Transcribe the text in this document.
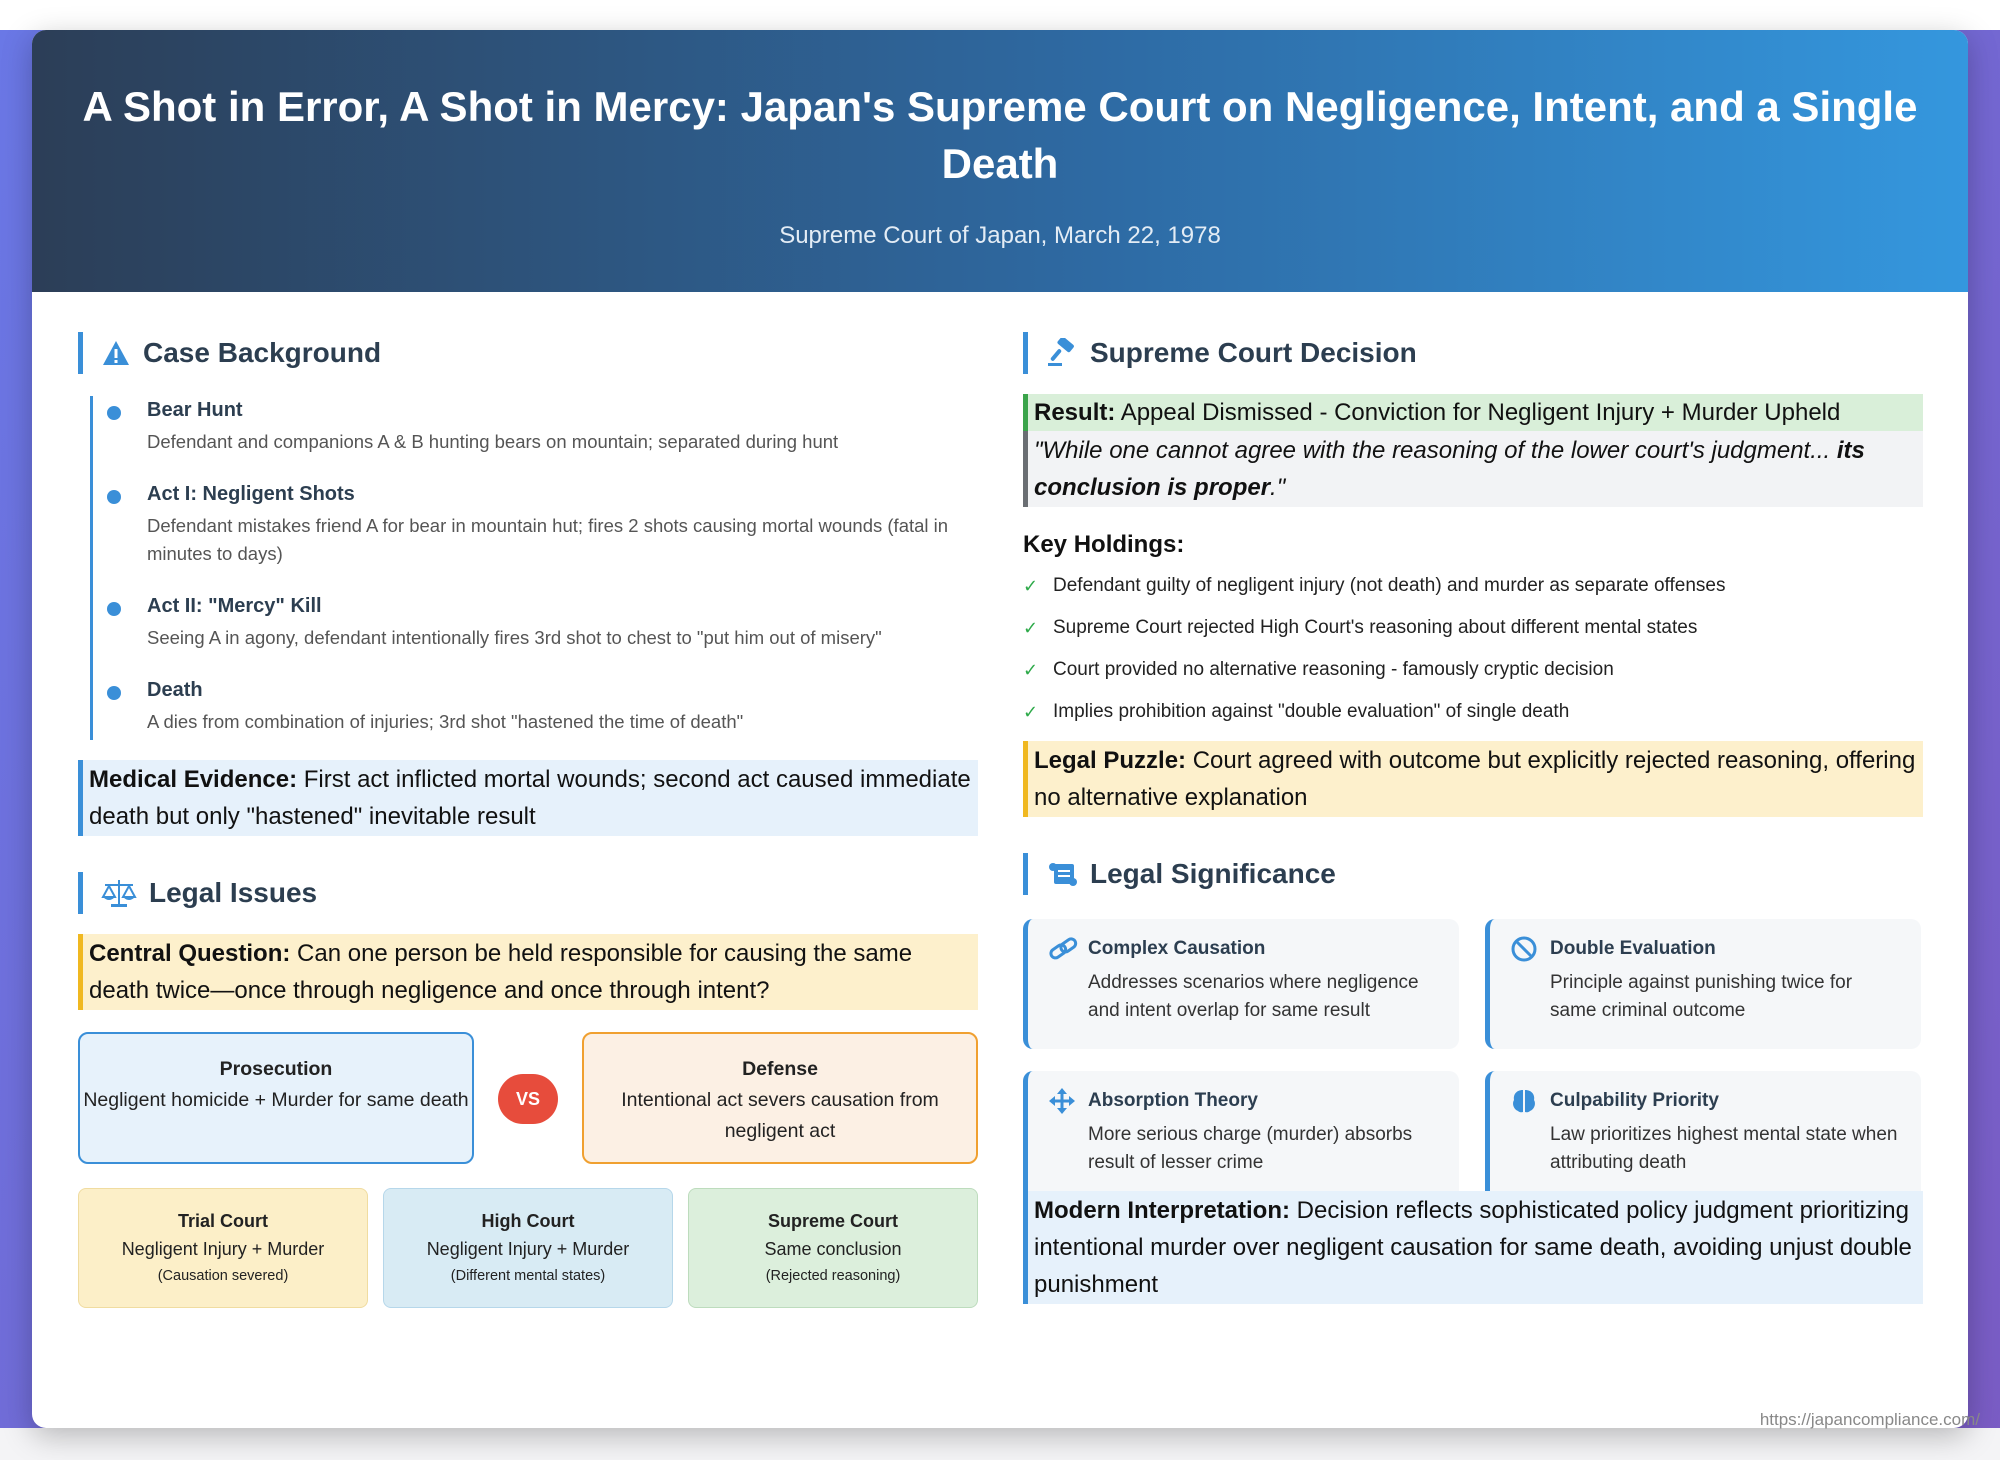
A Shot in Error, A Shot in Mercy: Japan's Supreme Court on Negligence, Intent, and a Single Death
Supreme Court of Japan, March 22, 1978
Case Background
Bear Hunt
Defendant and companions A & B hunting bears on mountain; separated during hunt
Act I: Negligent Shots
Defendant mistakes friend A for bear in mountain hut; fires 2 shots causing mortal wounds (fatal in minutes to days)
Act II: "Mercy" Kill
Seeing A in agony, defendant intentionally fires 3rd shot to chest to "put him out of misery"
Death
A dies from combination of injuries; 3rd shot "hastened the time of death"
Medical Evidence: First act inflicted mortal wounds; second act caused immediate death but only "hastened" inevitable result
Legal Issues
Central Question: Can one person be held responsible for causing the same death twice—once through negligence and once through intent?
Prosecution
Negligent homicide + Murder for same death	VS
Defense
Intentional act severs causation from negligent act
Trial Court
Negligent Injury + Murder
(Causation severed)
High Court
Negligent Injury + Murder
(Different mental states)
Supreme Court
Same conclusion
(Rejected reasoning)
Supreme Court Decision
Result: Appeal Dismissed - Conviction for Negligent Injury + Murder Upheld
"While one cannot agree with the reasoning of the lower court's judgment... its conclusion is proper."
Key Holdings:
✓ Defendant guilty of negligent injury (not death) and murder as separate offenses
✓ Supreme Court rejected High Court's reasoning about different mental states
✓ Court provided no alternative reasoning - famously cryptic decision
✓ Implies prohibition against "double evaluation" of single death
Legal Puzzle: Court agreed with outcome but explicitly rejected reasoning, offering no alternative explanation
Legal Significance
Complex Causation
Addresses scenarios where negligence and intent overlap for same result
Double Evaluation
Principle against punishing twice for same criminal outcome
Absorption Theory
More serious charge (murder) absorbs result of lesser crime
Culpability Priority
Law prioritizes highest mental state when attributing death
Modern Interpretation: Decision reflects sophisticated policy judgment prioritizing intentional murder over negligent causation for same death, avoiding unjust double punishment
https://japancompliance.com/
